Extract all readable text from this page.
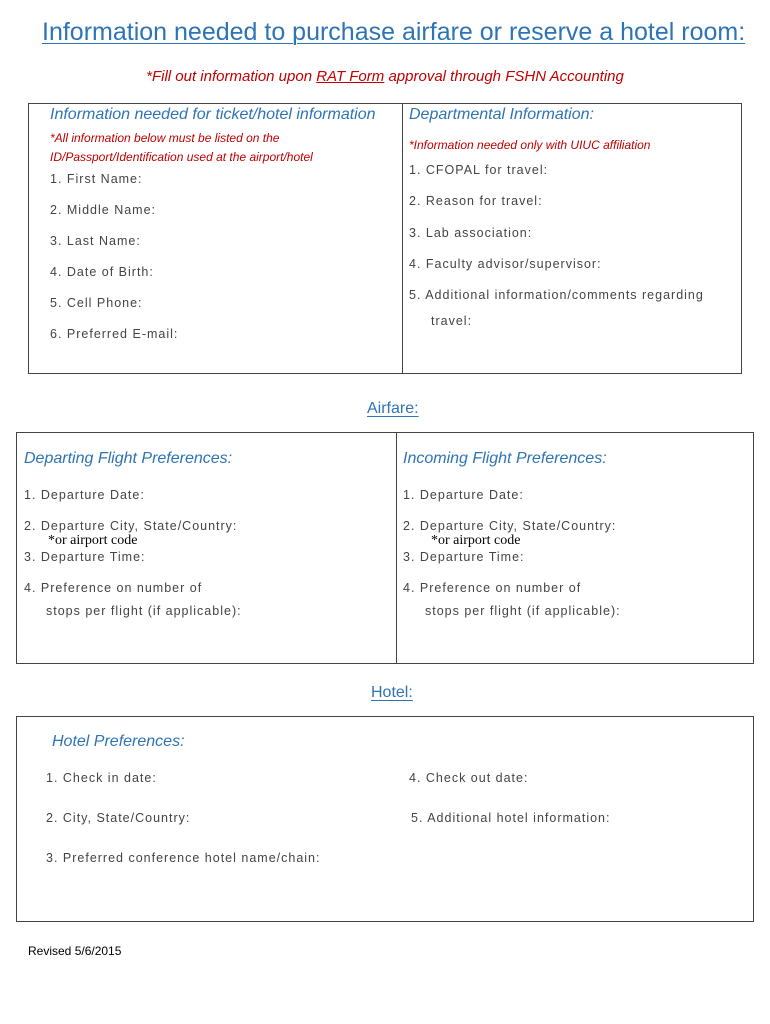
Information needed to purchase airfare or reserve a hotel room:
*Fill out information upon RAT Form approval through FSHN Accounting
Information needed for ticket/hotel information
*All information below must be listed on the
ID/Passport/Identification used at the airport/hotel
1. First Name:
2. Middle Name:
3. Last Name:
4. Date of Birth:
5. Cell Phone:
6. Preferred E-mail:
Departmental Information:
*Information needed only with UIUC affiliation
1. CFOPAL for travel:
2. Reason for travel:
3. Lab association:
4. Faculty advisor/supervisor:
5. Additional information/comments regarding
travel:
Airfare:
Departing Flight Preferences:
1. Departure Date:
2. Departure City, State/Country:
*or airport code
3. Departure Time:
4. Preference on number of
stops per flight (if applicable):
Incoming Flight Preferences:
1. Departure Date:
2. Departure City, State/Country:
*or airport code
3. Departure Time:
4. Preference on number of
stops per flight (if applicable):
Hotel:
Hotel Preferences:
1. Check in date:
2. City, State/Country:
3. Preferred conference hotel name/chain:
4. Check out date:
5. Additional hotel information:
Revised 5/6/2015
